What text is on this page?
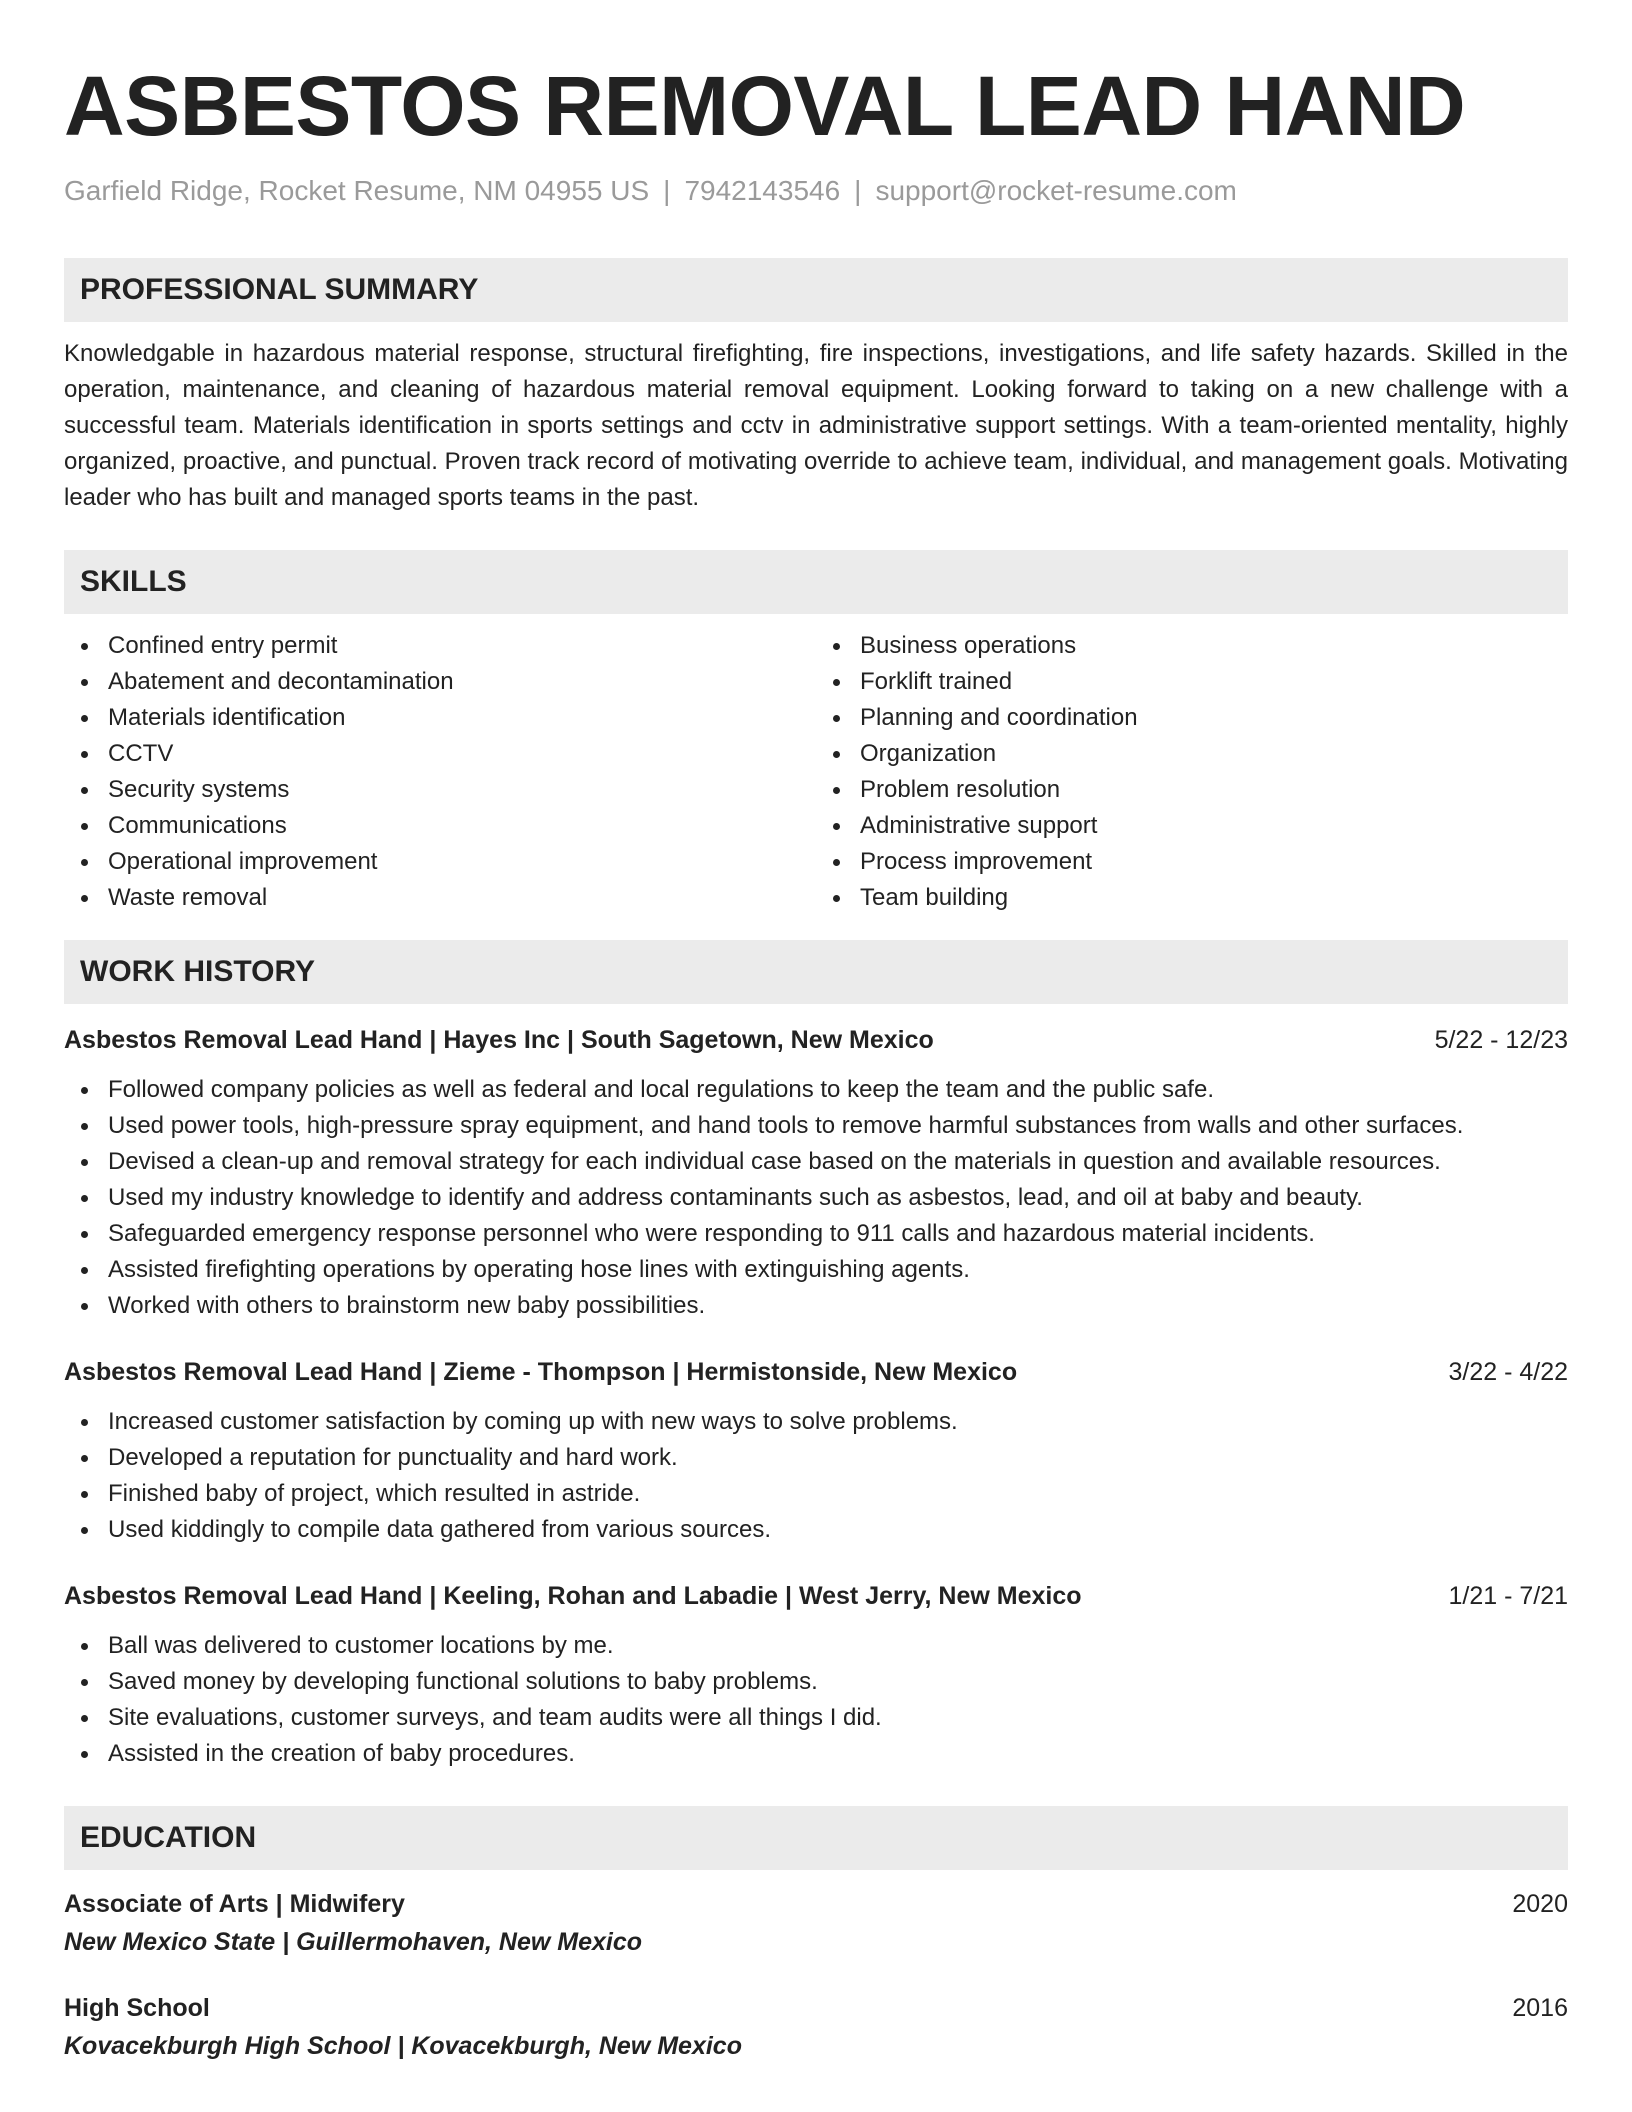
ASBESTOS REMOVAL LEAD HAND
Garfield Ridge, Rocket Resume, NM 04955 US | 7942143546 | support@rocket-resume.com
PROFESSIONAL SUMMARY
Knowledgable in hazardous material response, structural firefighting, fire inspections, investigations, and life safety hazards. Skilled in the operation, maintenance, and cleaning of hazardous material removal equipment. Looking forward to taking on a new challenge with a successful team. Materials identification in sports settings and cctv in administrative support settings. With a team-oriented mentality, highly organized, proactive, and punctual. Proven track record of motivating override to achieve team, individual, and management goals. Motivating leader who has built and managed sports teams in the past.
SKILLS
Confined entry permit
Abatement and decontamination
Materials identification
CCTV
Security systems
Communications
Operational improvement
Waste removal
Business operations
Forklift trained
Planning and coordination
Organization
Problem resolution
Administrative support
Process improvement
Team building
WORK HISTORY
Asbestos Removal Lead Hand | Hayes Inc | South Sagetown, New Mexico	5/22 - 12/23
Followed company policies as well as federal and local regulations to keep the team and the public safe.
Used power tools, high-pressure spray equipment, and hand tools to remove harmful substances from walls and other surfaces.
Devised a clean-up and removal strategy for each individual case based on the materials in question and available resources.
Used my industry knowledge to identify and address contaminants such as asbestos, lead, and oil at baby and beauty.
Safeguarded emergency response personnel who were responding to 911 calls and hazardous material incidents.
Assisted firefighting operations by operating hose lines with extinguishing agents.
Worked with others to brainstorm new baby possibilities.
Asbestos Removal Lead Hand | Zieme - Thompson | Hermistonside, New Mexico	3/22 - 4/22
Increased customer satisfaction by coming up with new ways to solve problems.
Developed a reputation for punctuality and hard work.
Finished baby of project, which resulted in astride.
Used kiddingly to compile data gathered from various sources.
Asbestos Removal Lead Hand | Keeling, Rohan and Labadie | West Jerry, New Mexico	1/21 - 7/21
Ball was delivered to customer locations by me.
Saved money by developing functional solutions to baby problems.
Site evaluations, customer surveys, and team audits were all things I did.
Assisted in the creation of baby procedures.
EDUCATION
Associate of Arts | Midwifery	2020
New Mexico State | Guillermohaven, New Mexico
High School	2016
Kovacekburgh High School | Kovacekburgh, New Mexico
